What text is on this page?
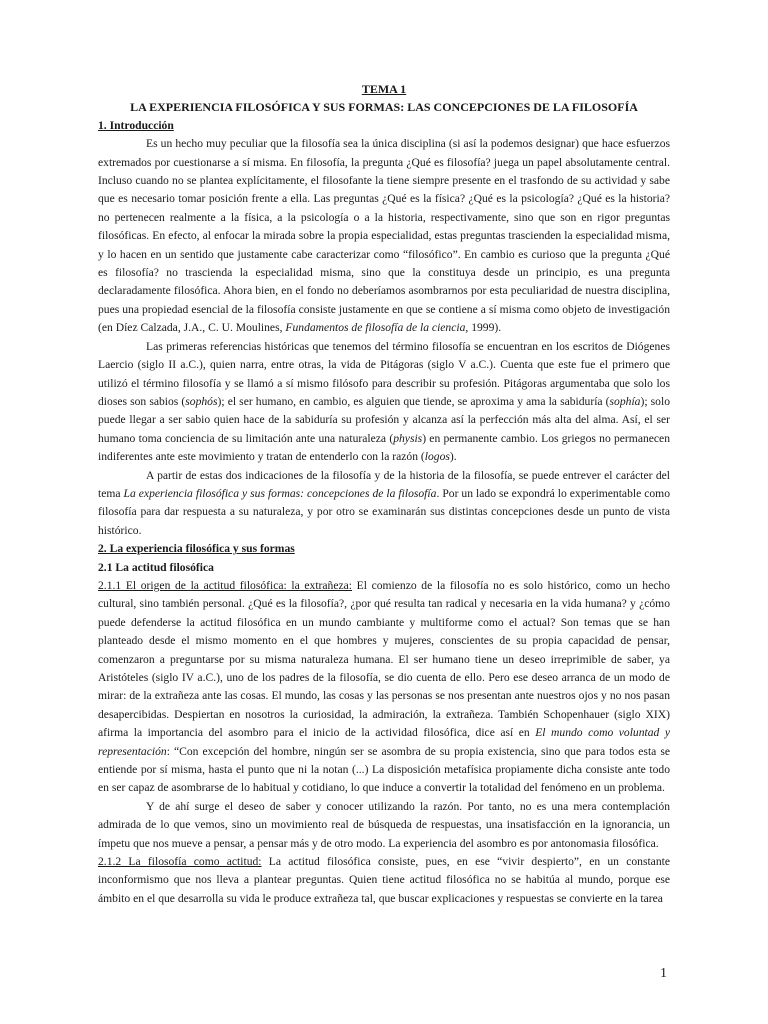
TEMA 1

LA EXPERIENCIA FILOSÓFICA Y SUS FORMAS: LAS CONCEPCIONES DE LA FILOSOFÍA

1. Introducción

Es un hecho muy peculiar que la filosofía sea la única disciplina (si así la podemos designar) que hace esfuerzos extremados por cuestionarse a sí misma. En filosofía, la pregunta ¿Qué es filosofía? juega un papel absolutamente central. Incluso cuando no se plantea explícitamente, el filosofante la tiene siempre presente en el trasfondo de su actividad y sabe que es necesario tomar posición frente a ella. Las preguntas ¿Qué es la física? ¿Qué es la psicología? ¿Qué es la historia? no pertenecen realmente a la física, a la psicología o a la historia, respectivamente, sino que son en rigor preguntas filosóficas. En efecto, al enfocar la mirada sobre la propia especialidad, estas preguntas trascienden la especialidad misma, y lo hacen en un sentido que justamente cabe caracterizar como “filosófico”. En cambio es curioso que la pregunta ¿Qué es filosofía? no trascienda la especialidad misma, sino que la constituya desde un principio, es una pregunta declaradamente filosófica. Ahora bien, en el fondo no deberíamos asombrarnos por esta peculiaridad de nuestra disciplina, pues una propiedad esencial de la filosofía consiste justamente en que se contiene a sí misma como objeto de investigación (en Díez Calzada, J.A., C. U. Moulines, Fundamentos de filosofía de la ciencia, 1999).

Las primeras referencias históricas que tenemos del término filosofía se encuentran en los escritos de Diógenes Laercio (siglo II a.C.), quien narra, entre otras, la vida de Pitágoras (siglo V a.C.). Cuenta que este fue el primero que utilizó el término filosofía y se llamó a sí mismo filósofo para describir su profesión. Pitágoras argumentaba que solo los dioses son sabios (sophós); el ser humano, en cambio, es alguien que tiende, se aproxima y ama la sabiduría (sophía); solo puede llegar a ser sabio quien hace de la sabiduría su profesión y alcanza así la perfección más alta del alma. Así, el ser humano toma conciencia de su limitación ante una naturaleza (physis) en permanente cambio. Los griegos no permanecen indiferentes ante este movimiento y tratan de entenderlo con la razón (logos).

A partir de estas dos indicaciones de la filosofía y de la historia de la filosofía, se puede entrever el carácter del tema La experiencia filosófica y sus formas: concepciones de la filosofía. Por un lado se expondrá lo experimentable como filosofía para dar respuesta a su naturaleza, y por otro se examinarán sus distintas concepciones desde un punto de vista histórico.

2. La experiencia filosófica y sus formas

2.1 La actitud filosófica

2.1.1 El origen de la actitud filosófica: la extrañeza: El comienzo de la filosofía no es solo histórico, como un hecho cultural, sino también personal. ¿Qué es la filosofía?, ¿por qué resulta tan radical y necesaria en la vida humana? y ¿cómo puede defenderse la actitud filosófica en un mundo cambiante y multiforme como el actual? Son temas que se han planteado desde el mismo momento en el que hombres y mujeres, conscientes de su propia capacidad de pensar, comenzaron a preguntarse por su misma naturaleza humana. El ser humano tiene un deseo irreprimible de saber, ya Aristóteles (siglo IV a.C.), uno de los padres de la filosofía, se dio cuenta de ello. Pero ese deseo arranca de un modo de mirar: de la extrañeza ante las cosas. El mundo, las cosas y las personas se nos presentan ante nuestros ojos y no nos pasan desapercibidas. Despiertan en nosotros la curiosidad, la admiración, la extrañeza. También Schopenhauer (siglo XIX) afirma la importancia del asombro para el inicio de la actividad filosófica, dice así en El mundo como voluntad y representación: “Con excepción del hombre, ningún ser se asombra de su propia existencia, sino que para todos esta se entiende por sí misma, hasta el punto que ni la notan (...) La disposición metafísica propiamente dicha consiste ante todo en ser capaz de asombrarse de lo habitual y cotidiano, lo que induce a convertir la totalidad del fenómeno en un problema.

Y de ahí surge el deseo de saber y conocer utilizando la razón. Por tanto, no es una mera contemplación admirada de lo que vemos, sino un movimiento real de búsqueda de respuestas, una insatisfacción en la ignorancia, un ímpetu que nos mueve a pensar, a pensar más y de otro modo. La experiencia del asombro es por antonomasia filosófica.

2.1.2 La filosofía como actitud: La actitud filosófica consiste, pues, en ese “vivir despierto”, en un constante inconformismo que nos lleva a plantear preguntas. Quien tiene actitud filosófica no se habitúa al mundo, porque ese ámbito en el que desarrolla su vida le produce extrañeza tal, que buscar explicaciones y respuestas se convierte en la tarea

1
